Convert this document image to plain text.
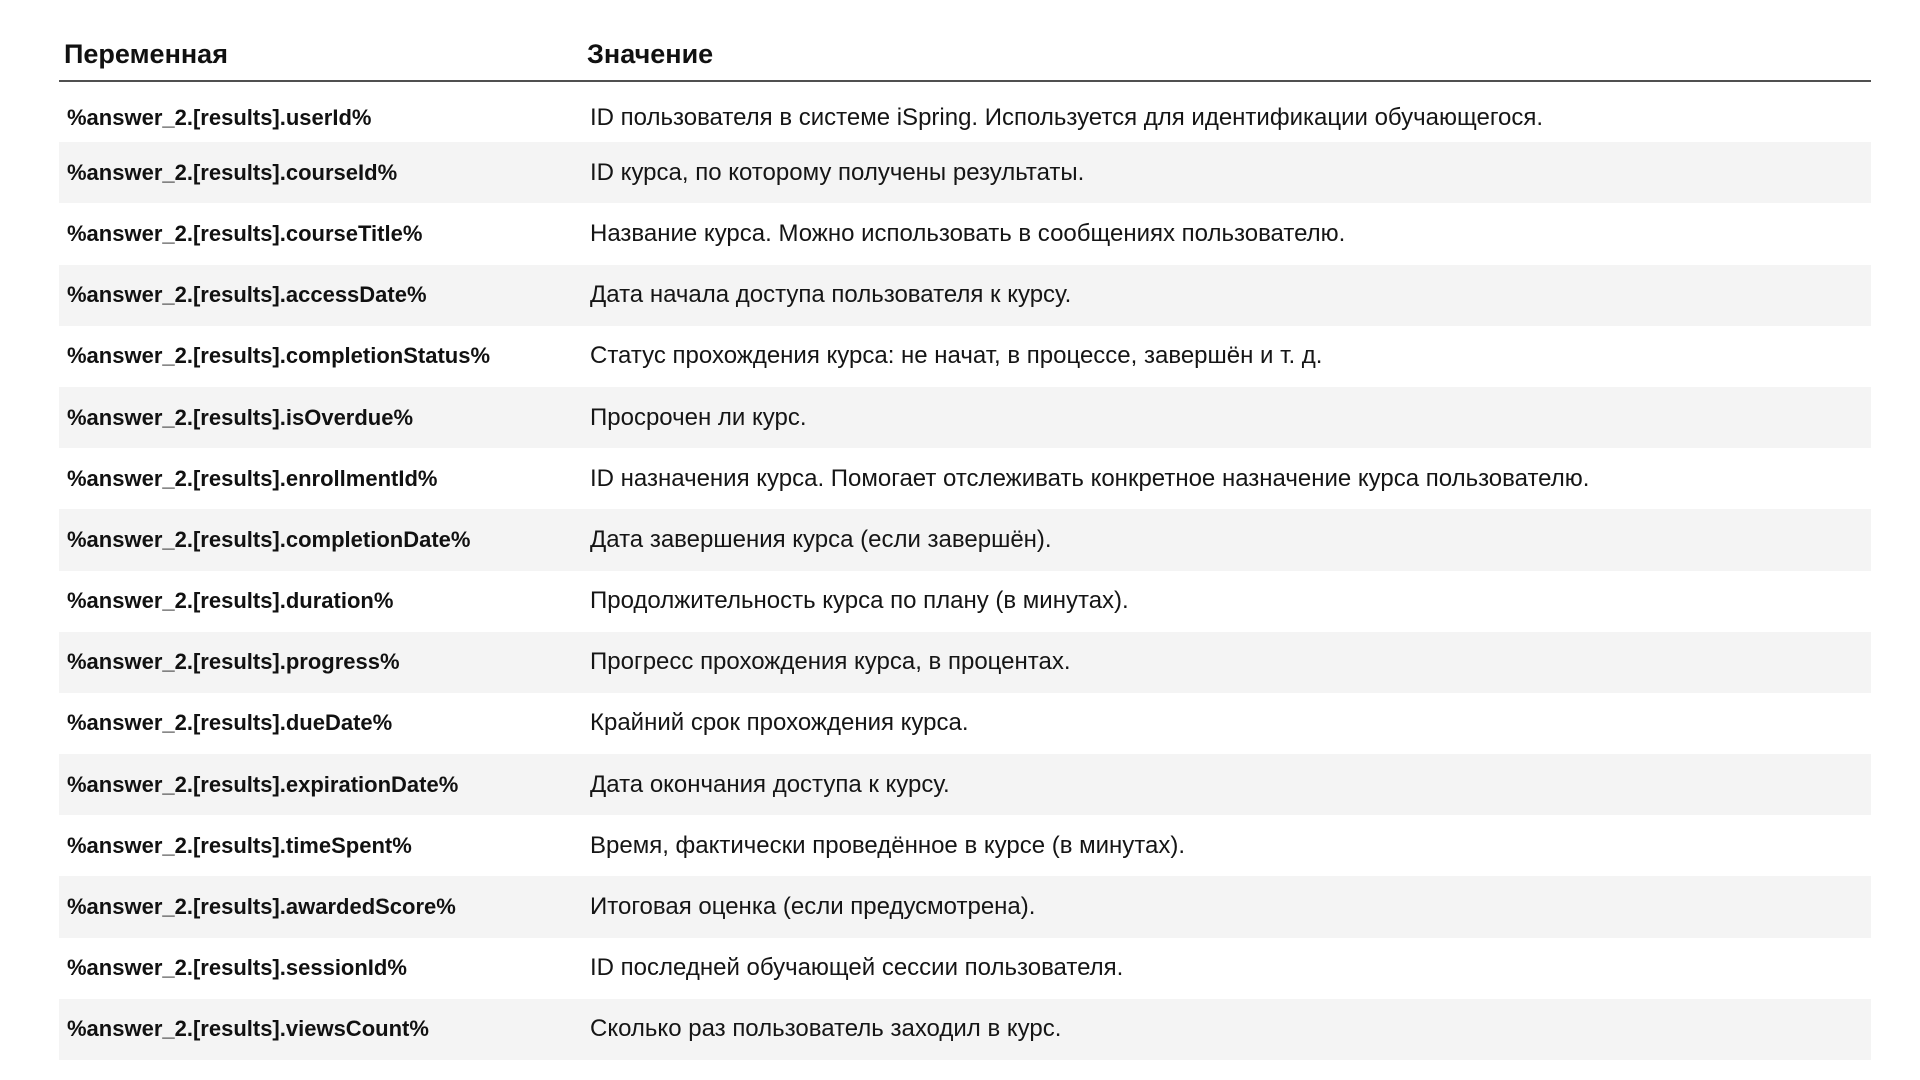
Переменная	Значение
%answer_2.[results].userId%	ID пользователя в системе iSpring. Используется для идентификации обучающегося.
%answer_2.[results].courseId%	ID курса, по которому получены результаты.
%answer_2.[results].courseTitle%	Название курса. Можно использовать в сообщениях пользователю.
%answer_2.[results].accessDate%	Дата начала доступа пользователя к курсу.
%answer_2.[results].completionStatus%	Статус прохождения курса: не начат, в процессе, завершён и т. д.
%answer_2.[results].isOverdue%	Просрочен ли курс.
%answer_2.[results].enrollmentId%	ID назначения курса. Помогает отслеживать конкретное назначение курса пользователю.
%answer_2.[results].completionDate%	Дата завершения курса (если завершён).
%answer_2.[results].duration%	Продолжительность курса по плану (в минутах).
%answer_2.[results].progress%	Прогресс прохождения курса, в процентах.
%answer_2.[results].dueDate%	Крайний срок прохождения курса.
%answer_2.[results].expirationDate%	Дата окончания доступа к курсу.
%answer_2.[results].timeSpent%	Время, фактически проведённое в курсе (в минутах).
%answer_2.[results].awardedScore%	Итоговая оценка (если предусмотрена).
%answer_2.[results].sessionId%	ID последней обучающей сессии пользователя.
%answer_2.[results].viewsCount%	Сколько раз пользователь заходил в курс.
